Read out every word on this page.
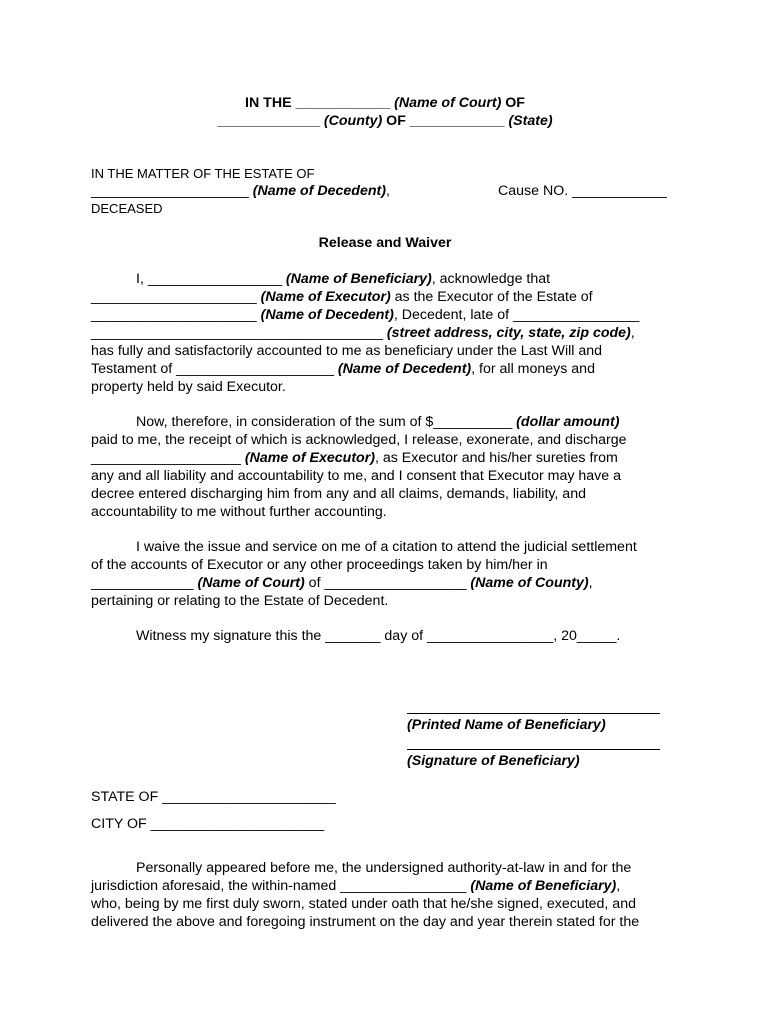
IN THE ____________ (Name of Court) OF
_____________ (County) OF ____________ (State)
IN THE MATTER OF THE ESTATE OF
____________________ (Name of Decedent),	Cause NO. ____________
DECEASED
Release and Waiver
I, _________________ (Name of Beneficiary), acknowledge that
_____________________ (Name of Executor) as the Executor of the Estate of
_____________________ (Name of Decedent), Decedent, late of ________________
_____________________________________ (street address, city, state, zip code),
has fully and satisfactorily accounted to me as beneficiary under the Last Will and
Testament of ____________________ (Name of Decedent), for all moneys and
property held by said Executor.
Now, therefore, in consideration of the sum of $__________ (dollar amount)
paid to me, the receipt of which is acknowledged, I release, exonerate, and discharge
___________________ (Name of Executor), as Executor and his/her sureties from
any and all liability and accountability to me, and I consent that Executor may have a
decree entered discharging him from any and all claims, demands, liability, and
accountability to me without further accounting.
I waive the issue and service on me of a citation to attend the judicial settlement
of the accounts of Executor or any other proceedings taken by him/her in
_____________ (Name of Court) of __________________ (Name of County),
pertaining or relating to the Estate of Decedent.
Witness my signature this the _______ day of ________________, 20_____.
(Printed Name of Beneficiary)
(Signature of Beneficiary)
STATE OF ______________________
CITY OF ______________________
Personally appeared before me, the undersigned authority-at-law in and for the
jurisdiction aforesaid, the within-named ________________ (Name of Beneficiary),
who, being by me first duly sworn, stated under oath that he/she signed, executed, and
delivered the above and foregoing instrument on the day and year therein stated for the
